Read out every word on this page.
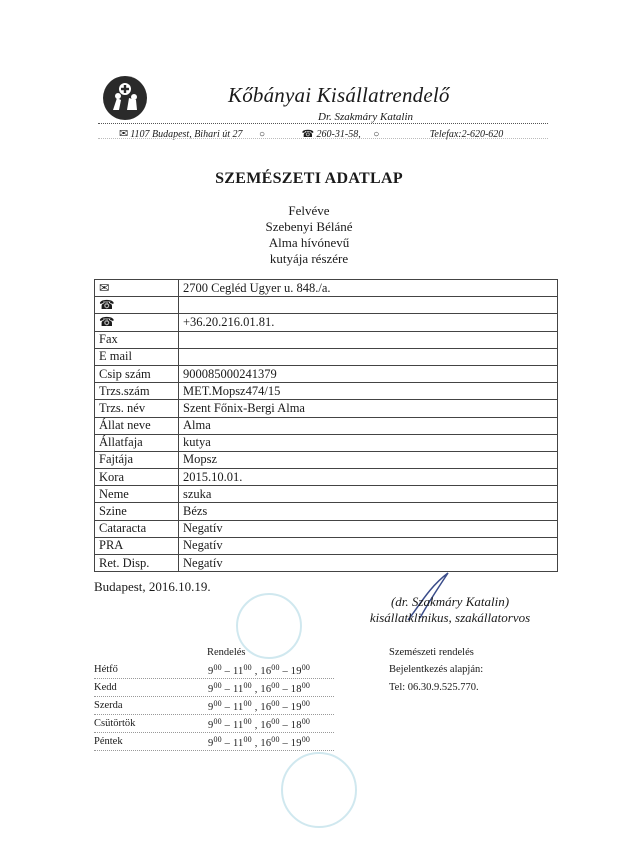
Kőbányai Kisállatrendelő
Dr. Szakmáry Katalin
✉ 1107 Budapest, Bihari út 27 ○	☎ 260-31-58, ○	Telefax:2-620-620
SZEMÉSZETI ADATLAP
Felvéve
Szebenyi Béláné
Alma hívónevű
kutyája részére
✉	2700 Cegléd Ugyer u. 848./a.
☎	
☎	+36.20.216.01.81.
Fax	
E mail	
Csip szám	900085000241379
Trzs.szám	MET.Mopsz474/15
Trzs. név	Szent Főnix-Bergi Alma
Állat neve	Alma
Állatfaja	kutya
Fajtája	Mopsz
Kora	2015.10.01.
Neme	szuka
Szine	Bézs
Cataracta	Negatív
PRA	Negatív
Ret. Disp.	Negatív
Budapest, 2016.10.19.
(dr. Szakmáry Katalin)
kisállatklinikus, szakállatorvos
Rendelés	Szemészeti rendelés
Bejelentkezés alapján:
Tel: 06.30.9.525.770.
Hétfő	$9^{00} - 11^{00}$ , $16^{00} - 19^{00}$
Kedd	$9^{00} - 11^{00}$ , $16^{00} - 18^{00}$
Szerda	$9^{00} - 11^{00}$ , $16^{00} - 19^{00}$
Csütörtök	$9^{00} - 11^{00}$ , $16^{00} - 18^{00}$
Péntek	$9^{00} - 11^{00}$ , $16^{00} - 19^{00}$
